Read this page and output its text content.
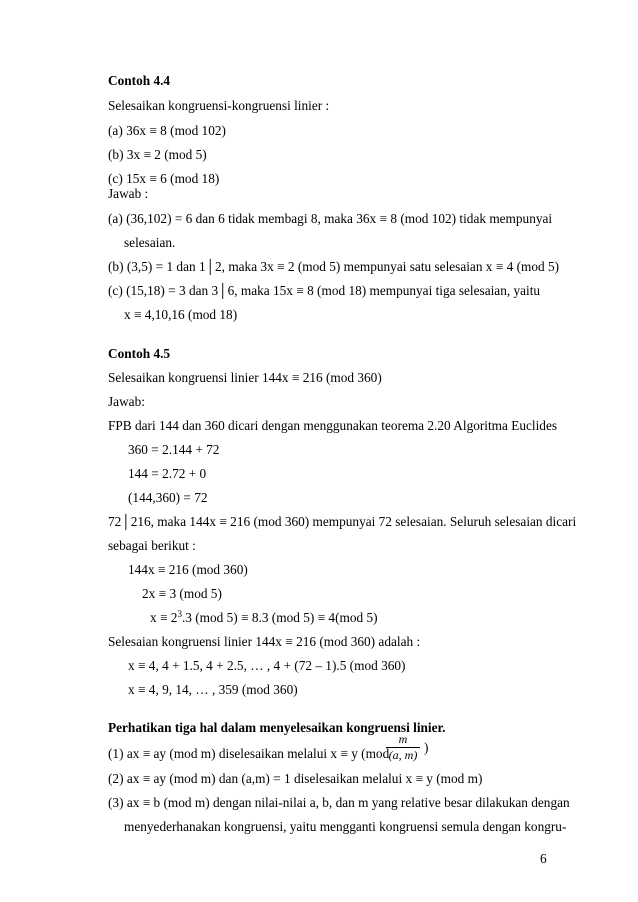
Contoh 4.4
Selesaikan kongruensi-kongruensi linier :
(a) 36x ≡ 8 (mod 102)
(b) 3x ≡ 2 (mod 5)
(c) 15x ≡ 6 (mod 18)
Jawab :
(a) (36,102) = 6 dan 6 tidak membagi 8, maka 36x ≡ 8 (mod 102) tidak mempunyai
selesaian.
(b) (3,5) = 1 dan 1│2, maka 3x ≡ 2 (mod 5) mempunyai satu selesaian x ≡ 4 (mod 5)
(c) (15,18) = 3 dan 3│6, maka 15x ≡ 8 (mod 18) mempunyai tiga selesaian, yaitu
x ≡ 4,10,16 (mod 18)
Contoh 4.5
Selesaikan kongruensi linier 144x ≡ 216 (mod 360)
Jawab:
FPB dari 144 dan 360 dicari dengan menggunakan teorema 2.20 Algoritma Euclides
360 = 2.144 + 72
144 = 2.72 + 0
(144,360) = 72
72│216, maka 144x ≡ 216 (mod 360) mempunyai 72 selesaian. Seluruh selesaian dicari
sebagai berikut :
144x ≡ 216 (mod 360)
2x ≡ 3 (mod 5)
$x \equiv 2^3.3$ (mod 5) ≡ 8.3 (mod 5) ≡ 4(mod 5)
Selesaian kongruensi linier 144x ≡ 216 (mod 360) adalah :
x ≡ 4, 4 + 1.5, 4 + 2.5, … , 4 + (72 – 1).5 (mod 360)
x ≡ 4, 9, 14, … , 359 (mod 360)
Perhatikan tiga hal dalam menyelesaikan kongruensi linier.
(1) ax ≡ ay (mod m) diselesaikan melalui x ≡ y (mod
m
(a, m) )
(2) ax ≡ ay (mod m) dan (a,m) = 1 diselesaikan melalui x ≡ y (mod m)
(3) ax ≡ b (mod m) dengan nilai-nilai a, b, dan m yang relative besar dilakukan dengan
menyederhanakan kongruensi, yaitu mengganti kongruensi semula dengan kongru-
6
